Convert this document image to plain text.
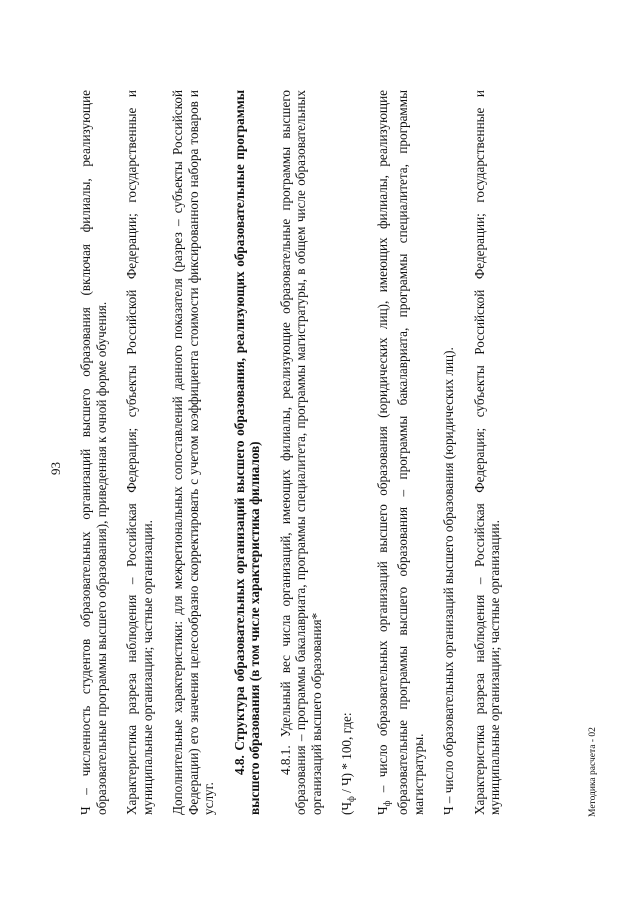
93 Ч – численность студентов образовательных организаций высшего образования (включая филиалы, реализующие образовательные программы высшего образования), приведенная к очной форме обучения. Характеристика разреза наблюдения – Российская Федерация; субъекты Российской Федерации; государственные и муниципальные организации; частные организации. Дополнительные характеристики: для межрегиональных сопоставлений данного показателя (разрез – субъекты Российской Федерации) его значения целесообразно скорректировать с учетом коэффициента стоимости фиксированного набора товаров и услуг.

4.8. Структура образовательных организаций высшего образования, реализующих образовательные программы высшего образования (в том числе характеристика филиалов) 4.8.1. Удельный вес числа организаций, имеющих филиалы, реализующие образовательные программы высшего образования – программы бакалавриата, программы специалитета, программы магистратуры, в общем числе образовательных организаций высшего образования* $(Ч_ф / Ч) * 100$, где:

$Ч_ф$ – число образовательных организаций высшего образования (юридических лиц), имеющих филиалы, реализующие образовательные программы высшего образования – программы бакалавриата, программы специалитета, программы магистратуры. Ч – число образовательных организаций высшего образования (юридических лиц). Характеристика разреза наблюдения – Российская Федерация; субъекты Российской Федерации; государственные и муниципальные организации; частные организации.	Методика расчета - 02
